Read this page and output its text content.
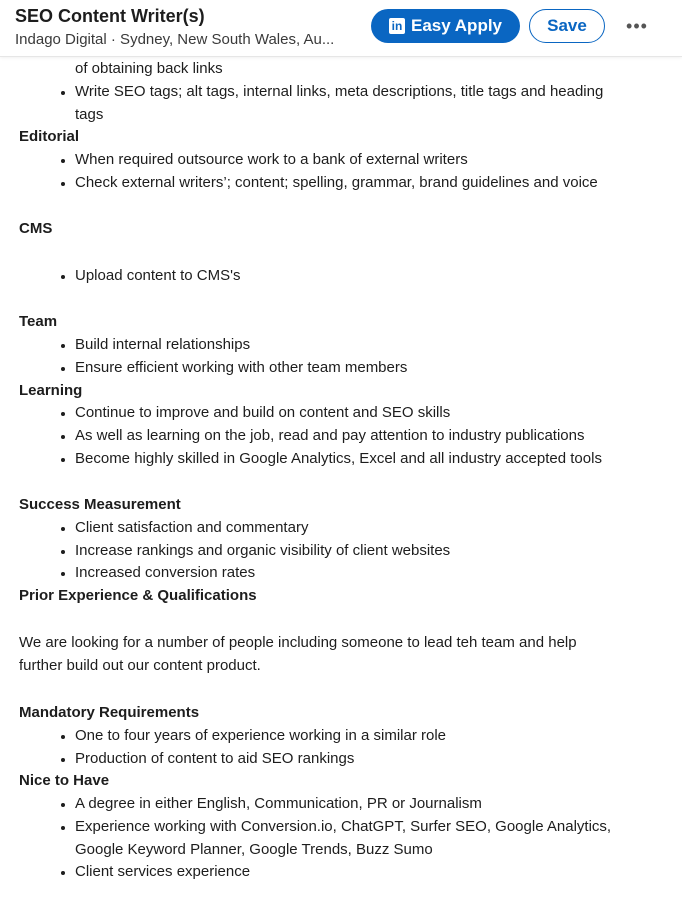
of obtaining back links
Write SEO tags; alt tags, internal links, meta descriptions, title tags and heading
tags
Editorial
When required outsource work to a bank of external writers
Check external writers’; content; spelling, grammar, brand guidelines and voice
CMS
Upload content to CMS's
Team
Build internal relationships
Ensure efficient working with other team members
Learning
Continue to improve and build on content and SEO skills
As well as learning on the job, read and pay attention to industry publications
Become highly skilled in Google Analytics, Excel and all industry accepted tools
Success Measurement
Client satisfaction and commentary
Increase rankings and organic visibility of client websites
Increased conversion rates
Prior Experience & Qualifications
We are looking for a number of people including someone to lead teh team and help
further build out our content product.
Mandatory Requirements
One to four years of experience working in a similar role
Production of content to aid SEO rankings
Nice to Have
A degree in either English, Communication, PR or Journalism
Experience working with Conversion.io, ChatGPT, Surfer SEO, Google Analytics,
Google Keyword Planner, Google Trends, Buzz Sumo
Client services experience
SEO Content Writer(s)
Indago Digital · Sydney, New South Wales, Au...
in Easy Apply	Save	•••
